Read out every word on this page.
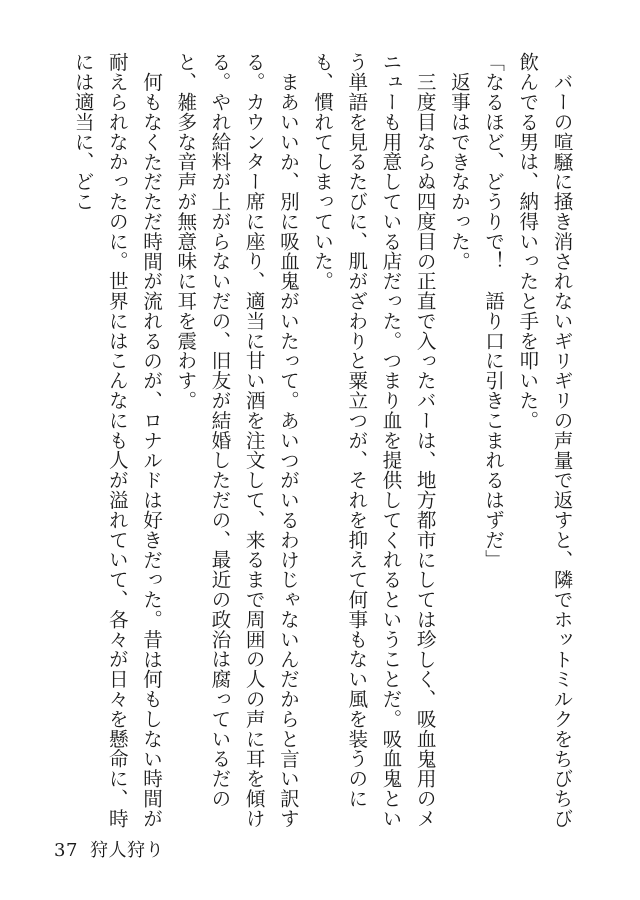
バーの喧騒に掻き消されないギリギリの声量で返すと、隣でホットミルクをちびちび飲んでる男は、納得いったと手を叩いた。

「なるほど、どうりで！　語り口に引きこまれるはずだ」

返事はできなかった。

三度目ならぬ四度目の正直で入ったバーは、地方都市にしては珍しく、吸血鬼用のメニューも用意している店だった。つまり血を提供してくれるということだ。吸血鬼という単語を見るたびに、肌がざわりと粟立つが、それを抑えて何事もない風を装うのにも、慣れてしまっていた。

まあいいか、別に吸血鬼がいたって。あいつがいるわけじゃないんだからと言い訳する。カウンター席に座り、適当に甘い酒を注文して、来るまで周囲の人の声に耳を傾ける。やれ給料が上がらないだの、旧友が結婚しただの、最近の政治は腐っているだのと、雑多な音声が無意味に耳を震わす。

何もなくただただ時間が流れるのが、ロナルドは好きだった。昔は何もしない時間が耐えられなかったのに。世界にはこんなにも人が溢れていて、各々が日々を懸命に、時には適当に、どこ

37 狩人狩り
